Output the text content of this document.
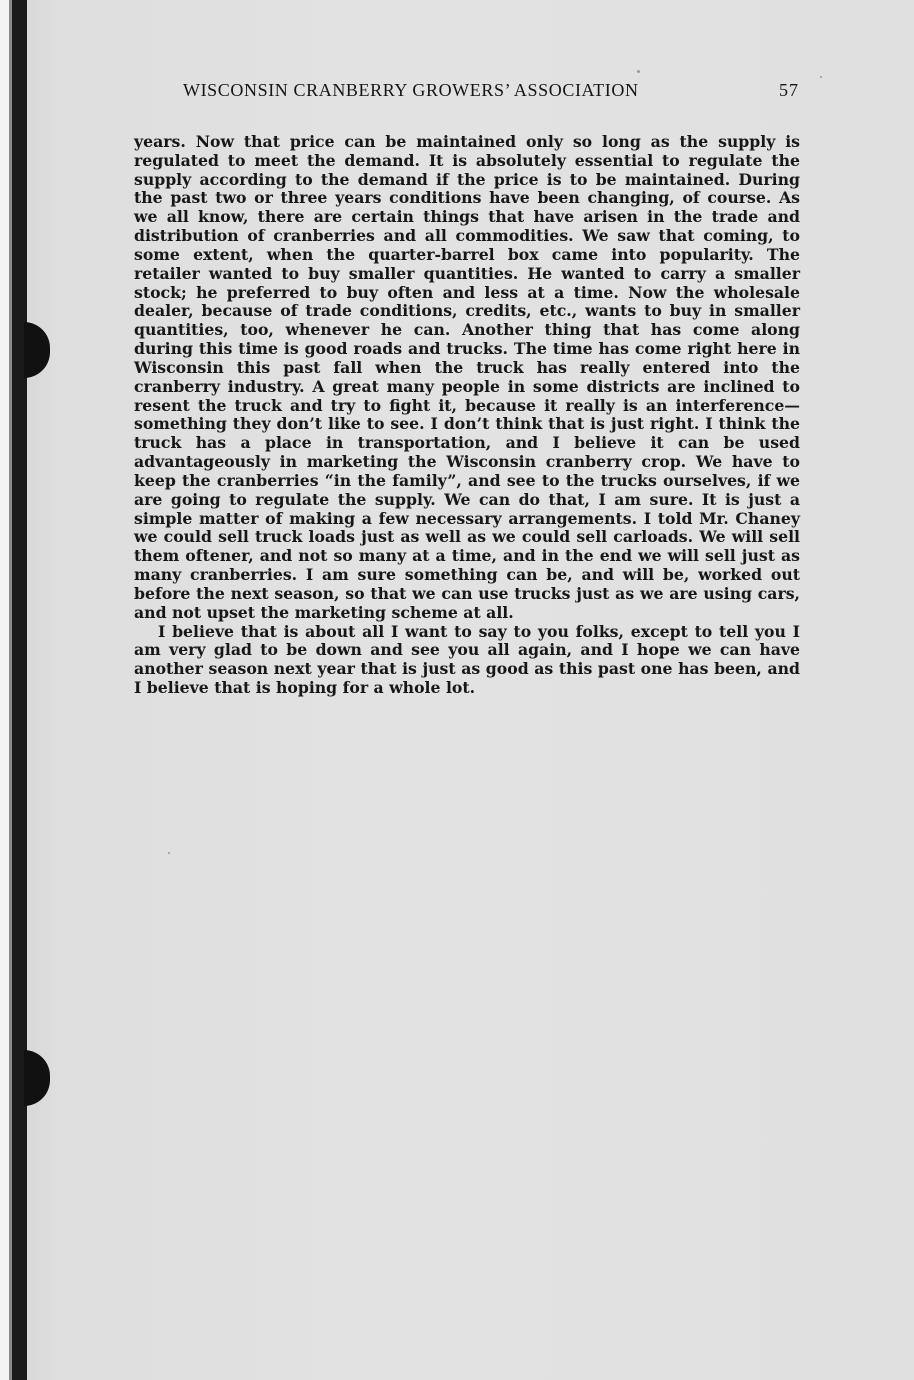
WISCONSIN CRANBERRY GROWERS’ ASSOCIATION	57

years. Now that price can be maintained only so long as the supply is regulated to meet the demand. It is absolutely essential to regulate the supply according to the demand if the price is to be maintained. During the past two or three years conditions have been changing, of course. As we all know, there are certain things that have arisen in the trade and distribution of cranberries and all commodities. We saw that coming, to some extent, when the quarter-barrel box came into popularity. The retailer wanted to buy smaller quantities. He wanted to carry a smaller stock; he preferred to buy often and less at a time. Now the wholesale dealer, because of trade conditions, credits, etc., wants to buy in smaller quantities, too, whenever he can. Another thing that has come along during this time is good roads and trucks. The time has come right here in Wisconsin this past fall when the truck has really entered into the cranberry industry. A great many people in some districts are inclined to resent the truck and try to fight it, because it really is an interference—something they don’t like to see. I don’t think that is just right. I think the truck has a place in transportation, and I believe it can be used advantageously in marketing the Wisconsin cranberry crop. We have to keep the cranberries “in the family”, and see to the trucks ourselves, if we are going to regulate the supply. We can do that, I am sure. It is just a simple matter of making a few necessary arrangements. I told Mr. Chaney we could sell truck loads just as well as we could sell carloads. We will sell them oftener, and not so many at a time, and in the end we will sell just as many cranberries. I am sure something can be, and will be, worked out before the next season, so that we can use trucks just as we are using cars, and not upset the marketing scheme at all.

I believe that is about all I want to say to you folks, except to tell you I am very glad to be down and see you all again, and I hope we can have another season next year that is just as good as this past one has been, and I believe that is hoping for a whole lot.
